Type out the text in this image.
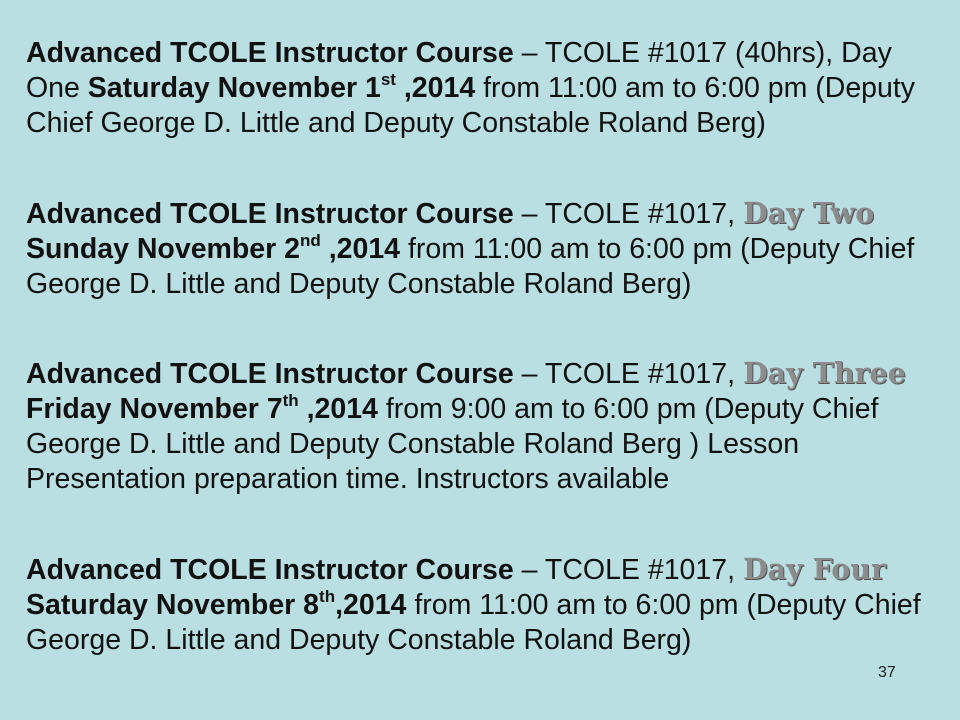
Advanced TCOLE Instructor Course – TCOLE #1017 (40hrs), Day One Saturday November 1st ,2014 from 11:00 am to 6:00 pm (Deputy Chief George D. Little and Deputy Constable Roland Berg)

Advanced TCOLE Instructor Course – TCOLE #1017, Day Two Sunday November 2nd ,2014 from 11:00 am to 6:00 pm (Deputy Chief George D. Little and Deputy Constable Roland Berg)

Advanced TCOLE Instructor Course – TCOLE #1017, Day Three Friday November 7th ,2014 from 9:00 am to 6:00 pm (Deputy Chief George D. Little and Deputy Constable Roland Berg ) Lesson Presentation preparation time. Instructors available

Advanced TCOLE Instructor Course – TCOLE #1017, Day Four Saturday November 8th,2014 from 11:00 am to 6:00 pm (Deputy Chief George D. Little and Deputy Constable Roland Berg)

37
